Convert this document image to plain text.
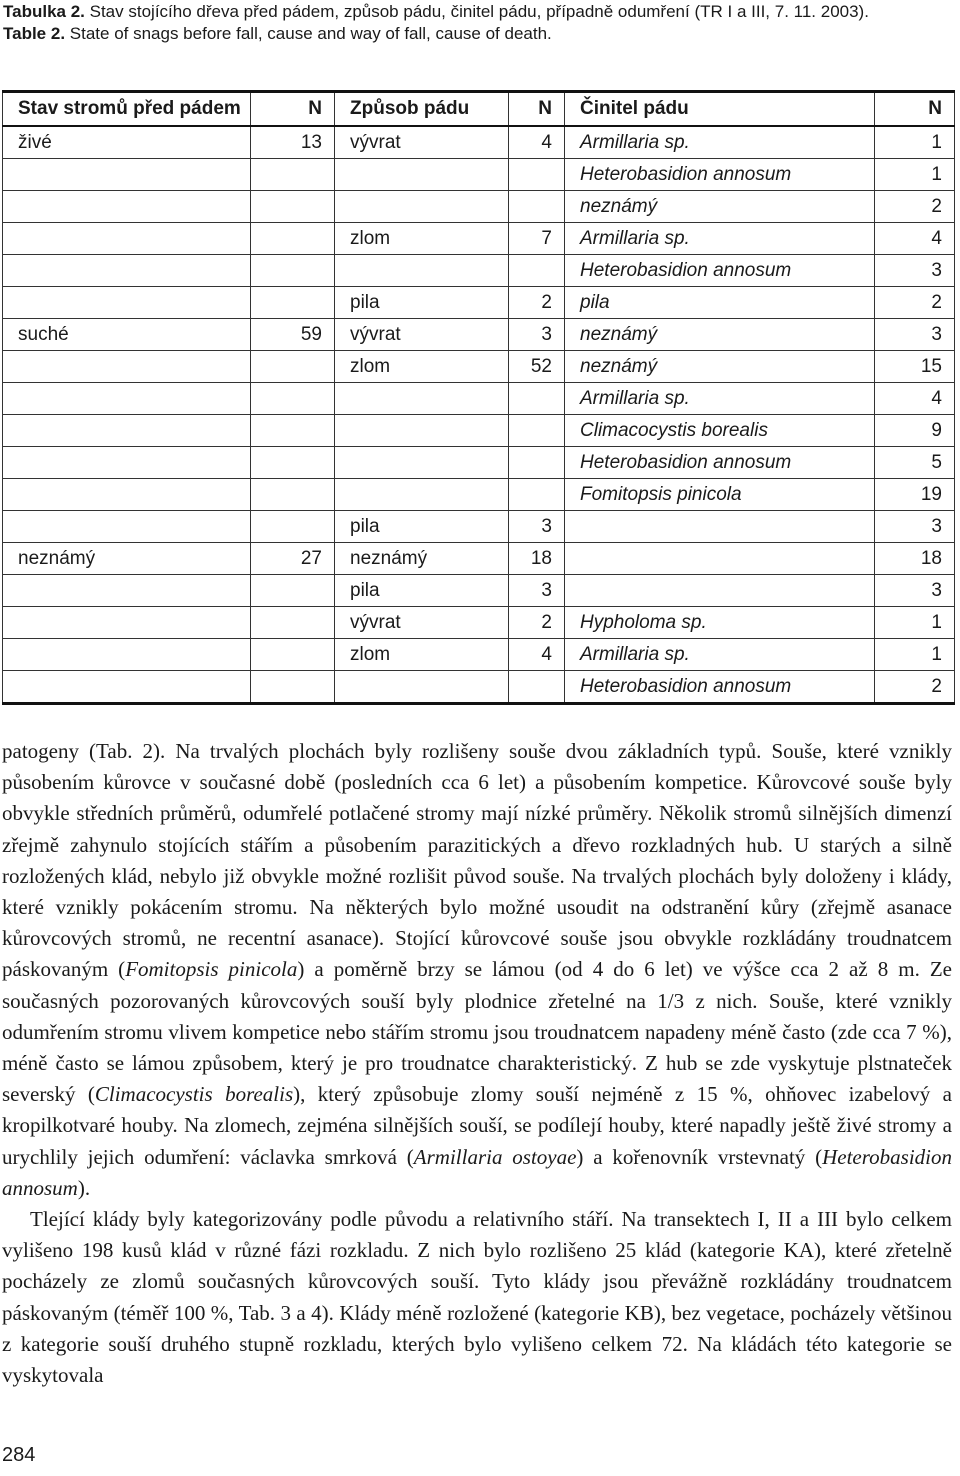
Tabulka 2. Stav stojícího dřeva před pádem, způsob pádu, činitel pádu, případně odumření (TR I a III, 7. 11. 2003).

Table 2. State of snags before fall, cause and way of fall, cause of death.

Stav stromů před pádem	N	Způsob pádu	N	Činitel pádu	N
živé	13	vývrat	4	Armillaria sp.	1
				Heterobasidion annosum	1
				neznámý	2
		zlom	7	Armillaria sp.	4
				Heterobasidion annosum	3
		pila	2	pila	2
suché	59	vývrat	3	neznámý	3
		zlom	52	neznámý	15
				Armillaria sp.	4
				Climacocystis borealis	9
				Heterobasidion annosum	5
				Fomitopsis pinicola	19
		pila	3		3
neznámý	27	neznámý	18		18
		pila	3		3
		vývrat	2	Hypholoma sp.	1
		zlom	4	Armillaria sp.	1
				Heterobasidion annosum	2

patogeny (Tab. 2). Na trvalých plochách byly rozlišeny souše dvou základních typů. Souše, které vznikly působením kůrovce v současné době (posledních cca 6 let) a působením kompetice. Kůrovcové souše byly obvykle středních průměrů, odumřelé potlačené stromy mají nízké průměry. Několik stromů silnějších dimenzí zřejmě zahynulo stojících stářím a působením parazitických a dřevo rozkladných hub. U starých a silně rozložených klád, nebylo již obvykle možné rozlišit původ souše. Na trvalých plochách byly doloženy i klády, které vznikly pokácením stromu. Na některých bylo možné usoudit na odstranění kůry (zřejmě asanace kůrovcových stromů, ne recentní asanace). Stojící kůrovcové souše jsou obvykle rozkládány troudnatcem páskovaným (Fomitopsis pinicola) a poměrně brzy se lámou (od 4 do 6 let) ve výšce cca 2 až 8 m. Ze současných pozorovaných kůrovcových souší byly plodnice zřetelné na 1/3 z nich. Souše, které vznikly odumřením stromu vlivem kompetice nebo stářím stromu jsou troudnatcem napadeny méně často (zde cca 7 %), méně často se lámou způsobem, který je pro troudnatce charakteristický. Z hub se zde vyskytuje plstnateček severský (Climacocystis borealis), který způsobuje zlomy souší nejméně z 15 %, ohňovec izabelový a kropilkotvaré houby. Na zlomech, zejména silnějších souší, se podílejí houby, které napadly ještě živé stromy a urychlily jejich odumření: václavka smrková (Armillaria ostoyae) a kořenovník vrstevnatý (Heterobasidion annosum).

Tlející klády byly kategorizovány podle původu a relativního stáří. Na transektech I, II a III bylo celkem vylišeno 198 kusů klád v různé fázi rozkladu. Z nich bylo rozlišeno 25 klád (kategorie KA), které zřetelně pocházely ze zlomů současných kůrovcových souší. Tyto klády jsou převážně rozkládány troudnatcem páskovaným (téměř 100 %, Tab. 3 a 4). Klády méně rozložené (kategorie KB), bez vegetace, pocházely většinou z kategorie souší druhého stupně rozkladu, kterých bylo vylišeno celkem 72. Na kládách této kategorie se vyskytovala

284
